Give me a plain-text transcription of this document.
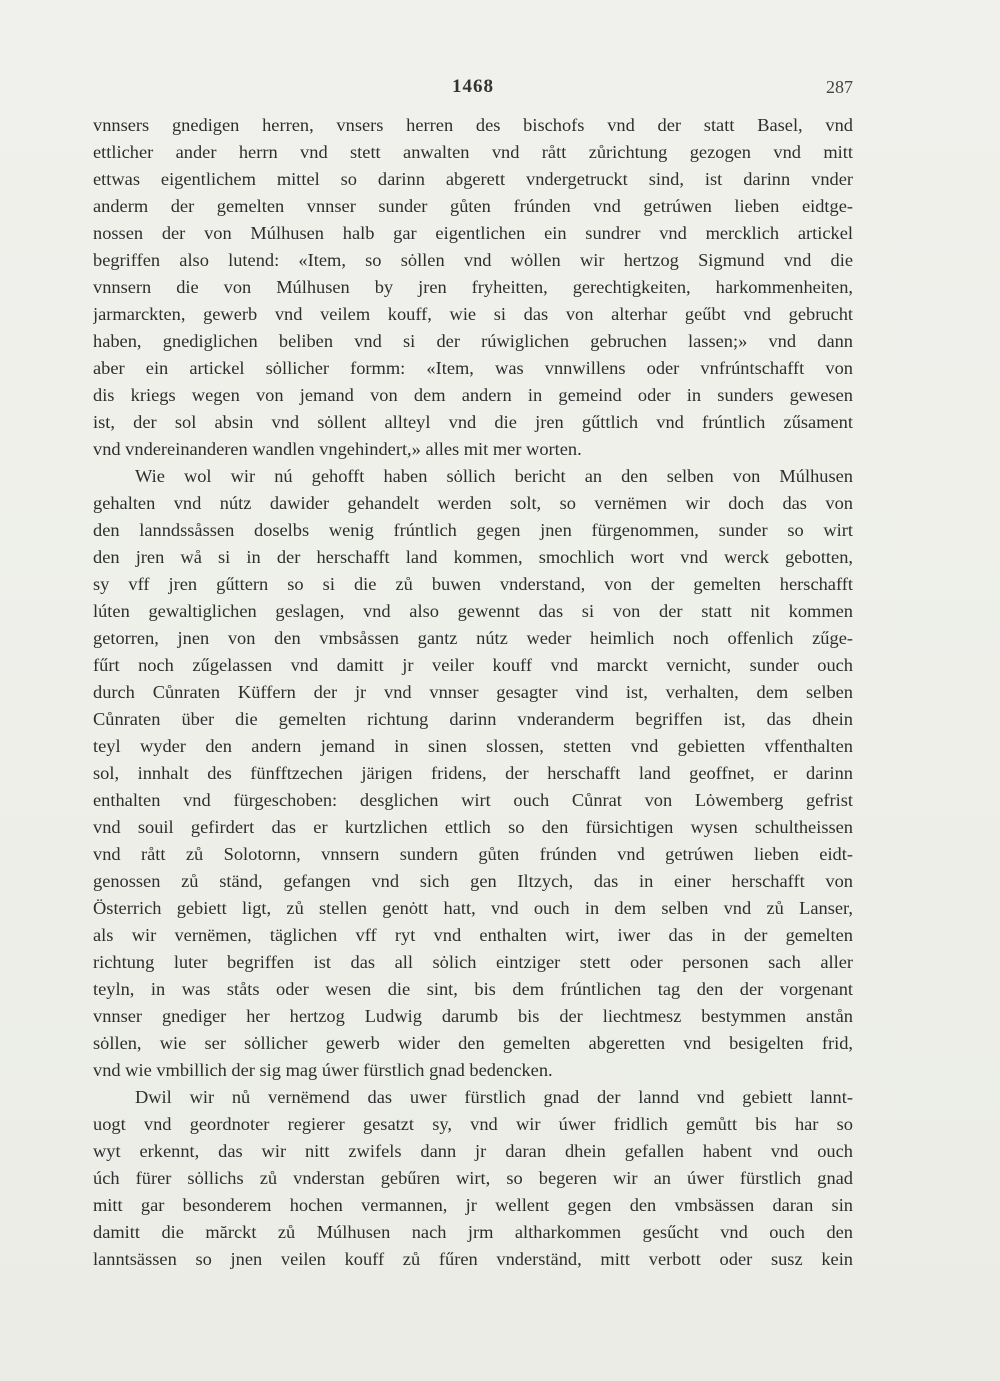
1468	287
vnnsers gnedigen herren, vnsers herren des bischofs vnd der statt Basel, vnd
ettlicher ander herrn vnd stett anwalten vnd rått zůrichtung gezogen vnd mitt
ettwas eigentlichem mittel so darinn abgerett vndergetruckt sind, ist darinn vnder
anderm der gemelten vnnser sunder gůten frúnden vnd getrúwen lieben eidtge-
nossen der von Múlhusen halb gar eigentlichen ein sundrer vnd mercklich artickel
begriffen also lutend: «Item, so sȯllen vnd wȯllen wir hertzog Sigmund vnd die
vnnsern die von Múlhusen by jren fryheitten, gerechtigkeiten, harkommenheiten,
jarmarckten, gewerb vnd veilem kouff, wie si das von alterhar geűbt vnd gebrucht
haben, gnediglichen beliben vnd si der rúwiglichen gebruchen lassen;» vnd dann
aber ein artickel sȯllicher formm: «Item, was vnnwillens oder vnfrúntschafft von
dis kriegs wegen von jemand von dem andern in gemeind oder in sunders gewesen
ist, der sol absin vnd sȯllent allteyl vnd die jren gűttlich vnd frúntlich zűsament
vnd vndereinanderen wandlen vngehindert,» alles mit mer worten.
Wie wol wir nú gehofft haben sȯllich bericht an den selben von Múlhusen
gehalten vnd nútz dawider gehandelt werden solt, so vernëmen wir doch das von
den lanndssåssen doselbs wenig frúntlich gegen jnen fürgenommen, sunder so wirt
den jren wå si in der herschafft land kommen, smochlich wort vnd werck gebotten,
sy vff jren gűttern so si die zů buwen vnderstand, von der gemelten herschafft
lúten gewaltiglichen geslagen, vnd also gewennt das si von der statt nit kommen
getorren, jnen von den vmbsåssen gantz nútz weder heimlich noch offenlich zűge-
fűrt noch zűgelassen vnd damitt jr veiler kouff vnd marckt vernicht, sunder ouch
durch Cůnraten Küffern der jr vnd vnnser gesagter vind ist, verhalten, dem selben
Cůnraten über die gemelten richtung darinn vnderanderm begriffen ist, das dhein
teyl wyder den andern jemand in sinen slossen, stetten vnd gebietten vffenthalten
sol, innhalt des fünfftzechen järigen fridens, der herschafft land geoffnet, er darinn
enthalten vnd fürgeschoben: desglichen wirt ouch Cůnrat von Lȯwemberg gefrist
vnd souil gefirdert das er kurtzlichen ettlich so den fürsichtigen wysen schultheissen
vnd rått zů Solotornn, vnnsern sundern gůten frúnden vnd getrúwen lieben eidt-
genossen zů ständ, gefangen vnd sich gen Iltzych, das in einer herschafft von
Österrich gebiett ligt, zů stellen genȯtt hatt, vnd ouch in dem selben vnd zů Lanser,
als wir vernëmen, täglichen vff ryt vnd enthalten wirt, iwer das in der gemelten
richtung luter begriffen ist das all sȯlich eintziger stett oder personen sach aller
teyln, in was ståts oder wesen die sint, bis dem frúntlichen tag den der vorgenant
vnnser gnediger her hertzog Ludwig darumb bis der liechtmesz bestymmen anstån
sȯllen, wie ser sȯllicher gewerb wider den gemelten abgeretten vnd besigelten frid,
vnd wie vmbillich der sig mag úwer fürstlich gnad bedencken.
Dwil wir nů vernëmend das uwer fürstlich gnad der lannd vnd gebiett lannt-
uogt vnd geordnoter regierer gesatzt sy, vnd wir úwer fridlich gemůtt bis har so
wyt erkennt, das wir nitt zwifels dann jr daran dhein gefallen habent vnd ouch
úch fürer sȯllichs zů vnderstan gebűren wirt, so begeren wir an úwer fürstlich gnad
mitt gar besonderem hochen vermannen, jr wellent gegen den vmbsässen daran sin
damitt die mărckt zů Múlhusen nach jrm altharkommen gesűcht vnd ouch den
lanntsässen so jnen veilen kouff zů fűren vnderständ, mitt verbott oder susz kein
